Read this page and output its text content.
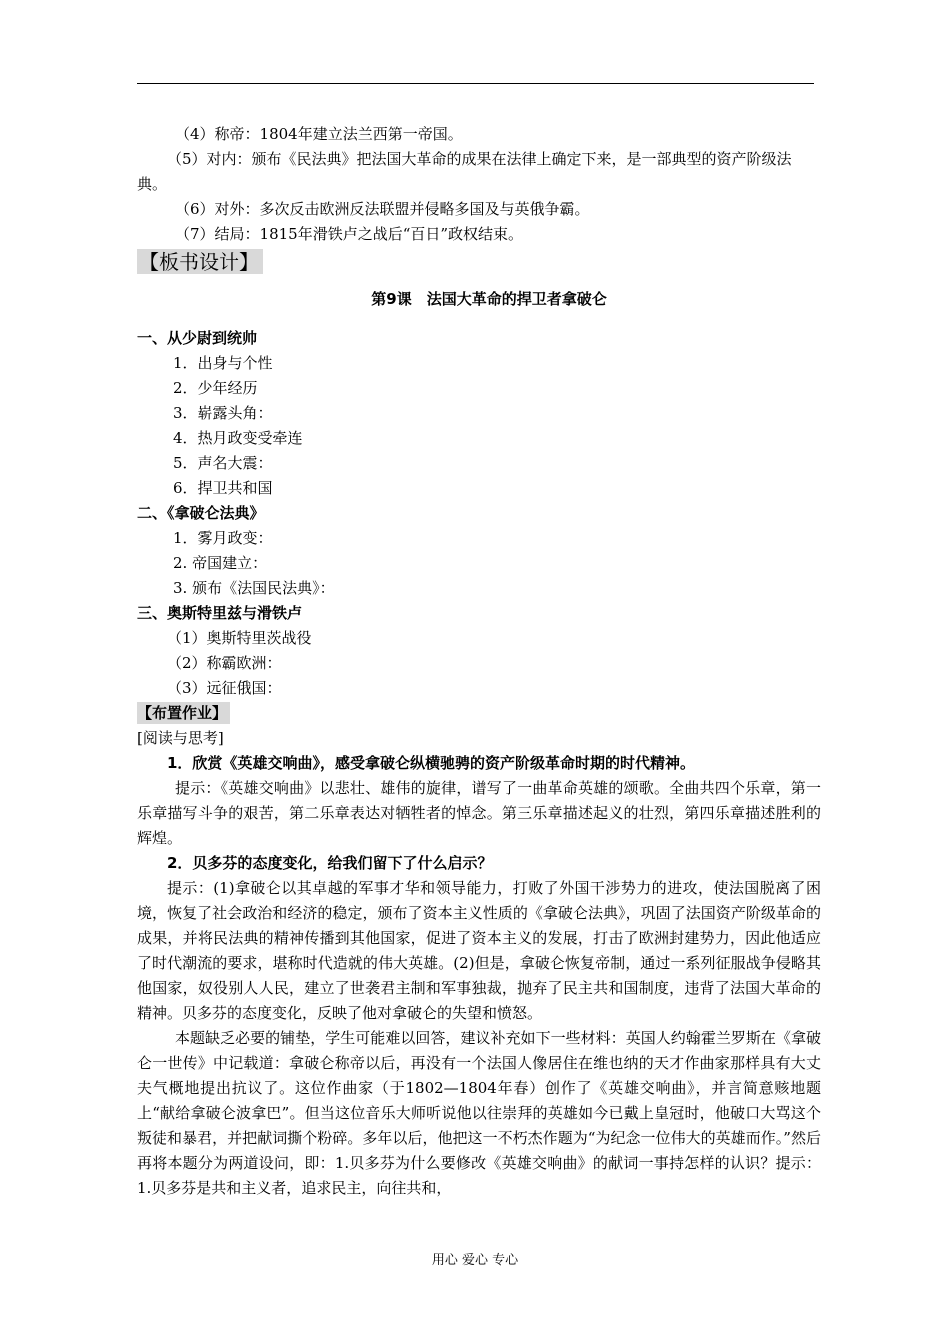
（4）称帝：1804年建立法兰西第一帝国。

（5）对内：颁布《民法典》把法国大革命的成果在法律上确定下来，是一部典型的资产阶级法典。

（6）对外：多次反击欧洲反法联盟并侵略多国及与英俄争霸。

（7）结局：1815年滑铁卢之战后“百日”政权结束。

【板书设计】

第9课　法国大革命的捍卫者拿破仑

一、从少尉到统帅

1．出身与个性

2．少年经历

3．崭露头角：

4．热月政变受牵连

5．声名大震：

6．捍卫共和国

二、《拿破仑法典》

1．雾月政变：

2. 帝国建立：

3. 颁布《法国民法典》：

三、奥斯特里兹与滑铁卢

（1）奥斯特里茨战役

（2）称霸欧洲：

（3）远征俄国：

【布置作业】

[阅读与思考]

1．欣赏《英雄交响曲》，感受拿破仑纵横驰骋的资产阶级革命时期的时代精神。

提示：《英雄交响曲》以悲壮、雄伟的旋律，谱写了一曲革命英雄的颂歌。全曲共四个乐章，第一乐章描写斗争的艰苦，第二乐章表达对牺牲者的悼念。第三乐章描述起义的壮烈，第四乐章描述胜利的辉煌。

2．贝多芬的态度变化，给我们留下了什么启示？

提示：(1)拿破仑以其卓越的军事才华和领导能力，打败了外国干涉势力的进攻，使法国脱离了困境，恢复了社会政治和经济的稳定，颁布了资本主义性质的《拿破仑法典》，巩固了法国资产阶级革命的成果，并将民法典的精神传播到其他国家，促进了资本主义的发展，打击了欧洲封建势力，因此他适应了时代潮流的要求，堪称时代造就的伟大英雄。(2)但是，拿破仑恢复帝制，通过一系列征服战争侵略其他国家，奴役别人人民，建立了世袭君主制和军事独裁，抛弃了民主共和国制度，违背了法国大革命的精神。贝多芬的态度变化，反映了他对拿破仑的失望和愤怒。

本题缺乏必要的铺垫，学生可能难以回答，建议补充如下一些材料：英国人约翰霍兰罗斯在《拿破仑一世传》中记载道：拿破仑称帝以后，再没有一个法国人像居住在维也纳的天才作曲家那样具有大丈夫气概地提出抗议了。这位作曲家（于1802—1804年春）创作了《英雄交响曲》，并言简意赅地题上“献给拿破仑波拿巴”。但当这位音乐大师听说他以往崇拜的英雄如今已戴上皇冠时，他破口大骂这个叛徒和暴君，并把献词撕个粉碎。多年以后，他把这一不朽杰作题为“为纪念一位伟大的英雄而作。”然后再将本题分为两道设问，即：1.贝多芬为什么要修改《英雄交响曲》的献词一事持怎样的认识？提示：1.贝多芬是共和主义者，追求民主，向往共和，

用心 爱心 专心
